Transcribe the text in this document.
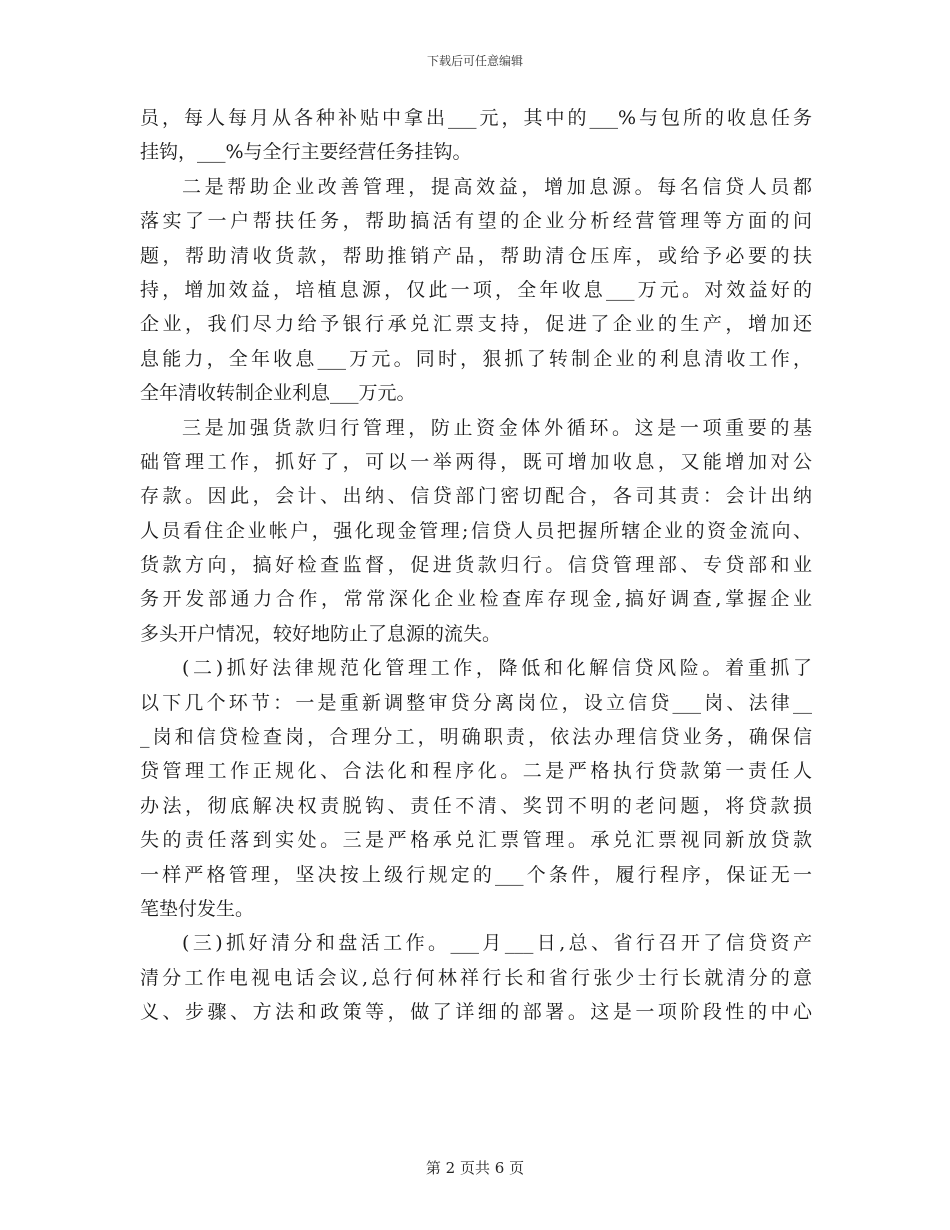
下载后可任意编辑
员，每人每月从各种补贴中拿出___元，其中的___%与包所的收息任务
挂钩，___%与全行主要经营任务挂钩。
二是帮助企业改善管理，提高效益，增加息源。每名信贷人员都
落实了一户帮扶任务，帮助搞活有望的企业分析经营管理等方面的问
题，帮助清收货款，帮助推销产品，帮助清仓压库，或给予必要的扶
持，增加效益，培植息源，仅此一项，全年收息___万元。对效益好的
企业，我们尽力给予银行承兑汇票支持，促进了企业的生产，增加还
息能力，全年收息___万元。同时，狠抓了转制企业的利息清收工作，
全年清收转制企业利息___万元。
三是加强货款归行管理，防止资金体外循环。这是一项重要的基
础管理工作，抓好了，可以一举两得，既可增加收息，又能增加对公
存款。因此，会计、出纳、信贷部门密切配合，各司其责：会计出纳
人员看住企业帐户，强化现金管理;信贷人员把握所辖企业的资金流向、
货款方向，搞好检查监督，促进货款归行。信贷管理部、专贷部和业
务开发部通力合作，常常深化企业检查库存现金,搞好调查,掌握企业
多头开户情况，较好地防止了息源的流失。
(二)抓好法律规范化管理工作，降低和化解信贷风险。着重抓了
以下几个环节：一是重新调整审贷分离岗位，设立信贷___岗、法律__
_岗和信贷检查岗，合理分工，明确职责，依法办理信贷业务，确保信
贷管理工作正规化、合法化和程序化。二是严格执行贷款第一责任人
办法，彻底解决权责脱钩、责任不清、奖罚不明的老问题，将贷款损
失的责任落到实处。三是严格承兑汇票管理。承兑汇票视同新放贷款
一样严格管理，坚决按上级行规定的___个条件，履行程序，保证无一
笔垫付发生。
(三)抓好清分和盘活工作。___月___日,总、省行召开了信贷资产
清分工作电视电话会议,总行何林祥行长和省行张少士行长就清分的意
义、步骤、方法和政策等，做了详细的部署。这是一项阶段性的中心
第 2 页共 6 页
